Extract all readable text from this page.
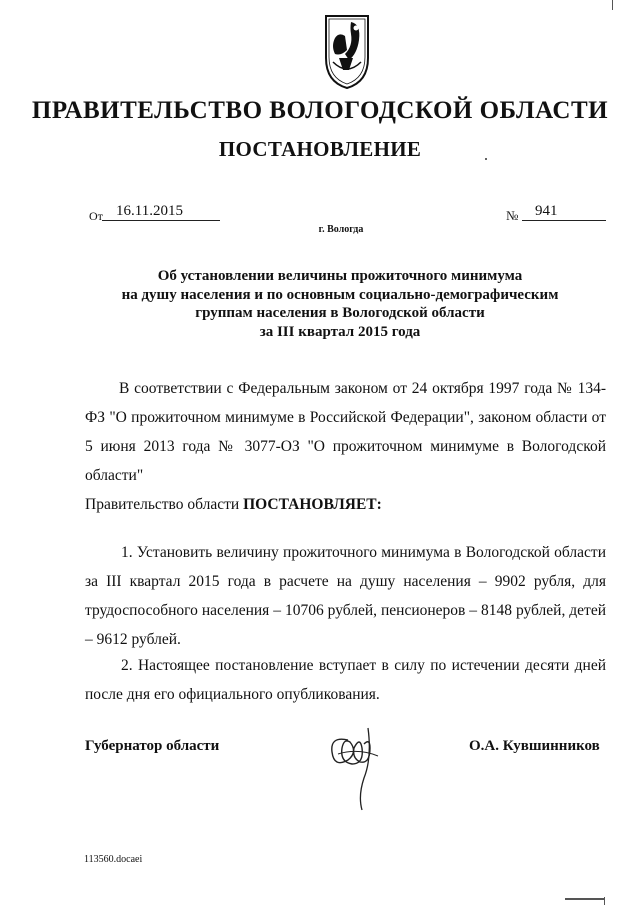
ПРАВИТЕЛЬСТВО ВОЛОГОДСКОЙ ОБЛАСТИ
ПОСТАНОВЛЕНИЕ
От 16.11.2015	№	941
г. Вологда
Об установлении величины прожиточного минимума
на душу населения и по основным социально-демографическим
группам населения в Вологодской области
за III квартал 2015 года
В соответствии с Федеральным законом от 24 октября 1997 года № 134-ФЗ "О прожиточном минимуме в Российской Федерации", законом области от 5 июня 2013 года № 3077-ОЗ "О прожиточном минимуме в Вологодской области"
Правительство области ПОСТАНОВЛЯЕТ:
1. Установить величину прожиточного минимума в Вологодской области за III квартал 2015 года в расчете на душу населения – 9902 рубля, для трудоспособного населения – 10706 рублей, пенсионеров – 8148 рублей, детей – 9612 рублей.
2. Настоящее постановление вступает в силу по истечении десяти дней после дня его официального опубликования.
Губернатор области	О.А. Кувшинников
113560.docaei
